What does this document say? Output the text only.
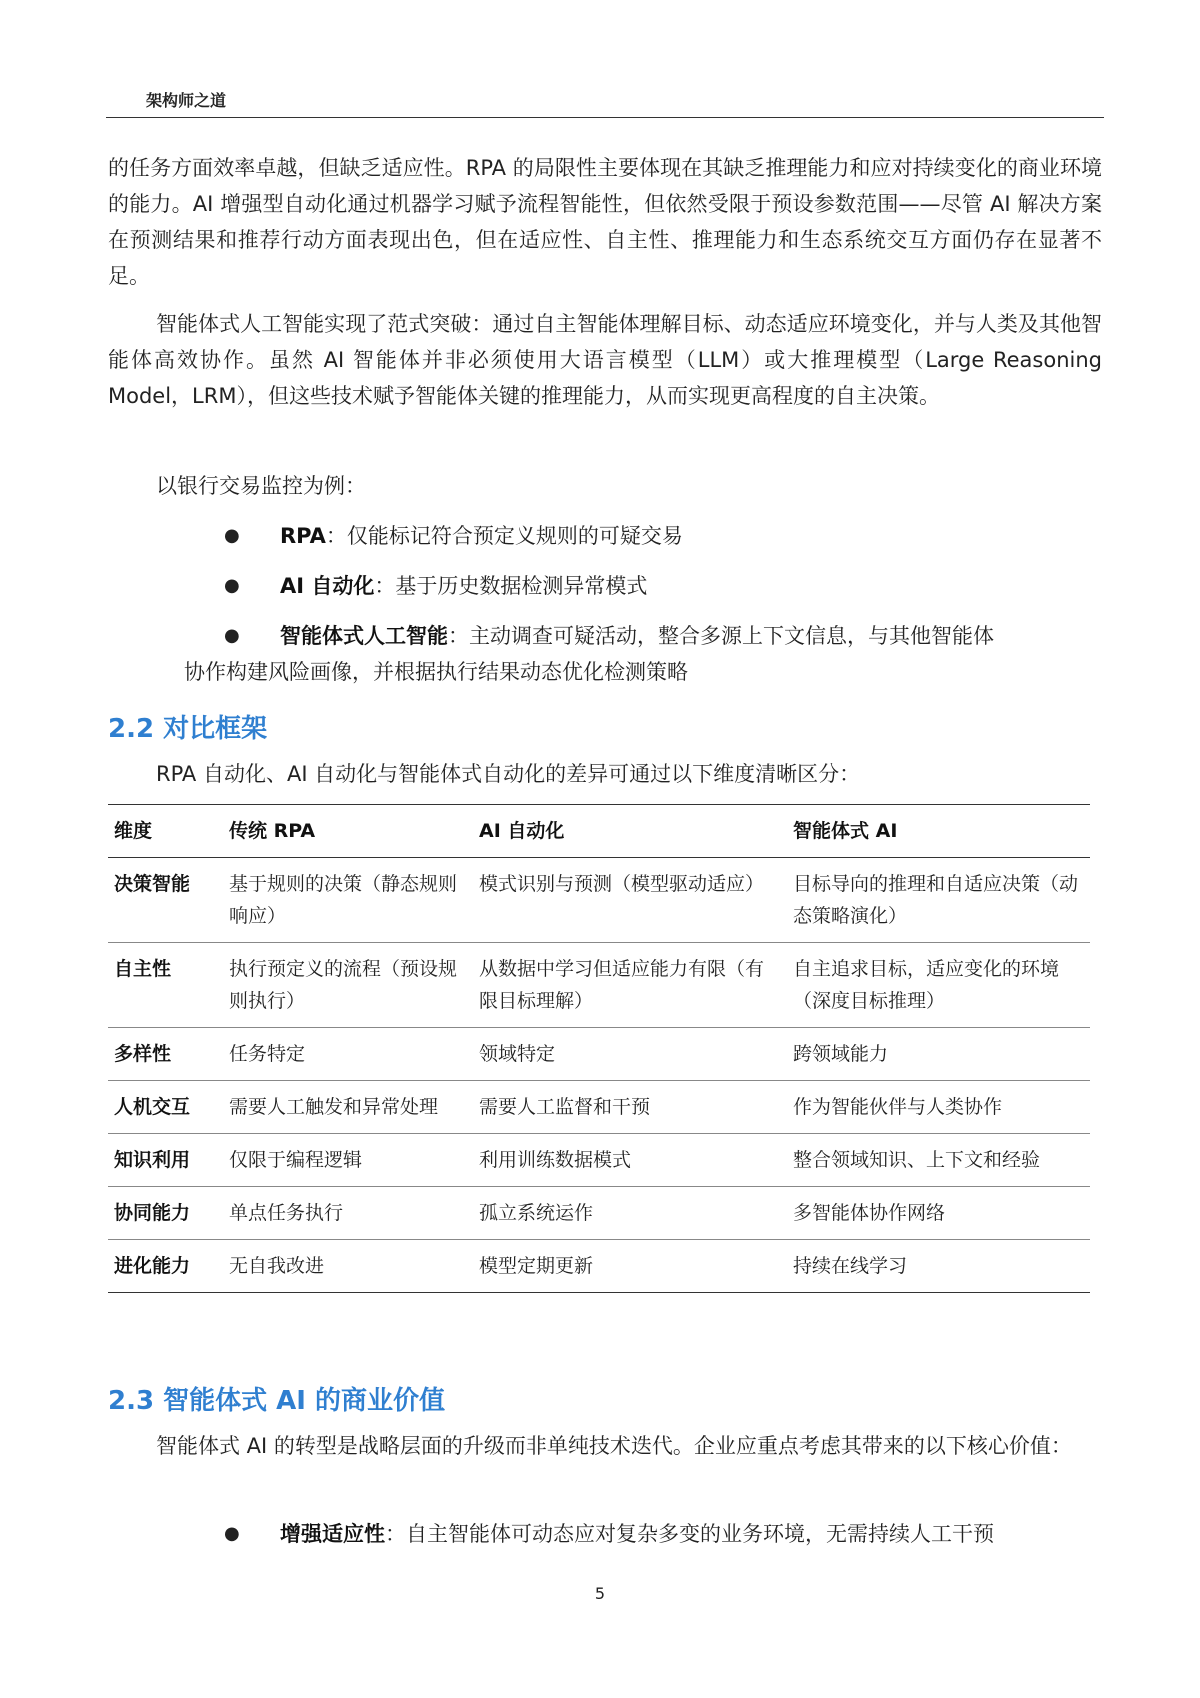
架构师之道

的任务方面效率卓越，但缺乏适应性。RPA 的局限性主要体现在其缺乏推理能力和应对持续变化的商业环境的能力。AI 增强型自动化通过机器学习赋予流程智能性，但依然受限于预设参数范围——尽管 AI 解决方案在预测结果和推荐行动方面表现出色，但在适应性、自主性、推理能力和生态系统交互方面仍存在显著不足。

智能体式人工智能实现了范式突破：通过自主智能体理解目标、动态适应环境变化，并与人类及其他智能体高效协作。虽然 AI 智能体并非必须使用大语言模型（LLM）或大推理模型（Large Reasoning Model，LRM），但这些技术赋予智能体关键的推理能力，从而实现更高程度的自主决策。

以银行交易监控为例：

● RPA：仅能标记符合预定义规则的可疑交易
● AI 自动化：基于历史数据检测异常模式
● 智能体式人工智能：主动调查可疑活动，整合多源上下文信息，与其他智能体
协作构建风险画像，并根据执行结果动态优化检测策略
2.2 对比框架

RPA 自动化、AI 自动化与智能体式自动化的差异可通过以下维度清晰区分：

维度	传统 RPA	AI 自动化	智能体式 AI
决策智能	基于规则的决策（静态规则响应）	模式识别与预测（模型驱动适应）	目标导向的推理和自适应决策（动态策略演化）
自主性	执行预定义的流程（预设规则执行）	从数据中学习但适应能力有限（有限目标理解）	自主追求目标，适应变化的环境（深度目标推理）
多样性	任务特定	领域特定	跨领域能力
人机交互	需要人工触发和异常处理	需要人工监督和干预	作为智能伙伴与人类协作
知识利用	仅限于编程逻辑	利用训练数据模式	整合领域知识、上下文和经验
协同能力	单点任务执行	孤立系统运作	多智能体协作网络
进化能力	无自我改进	模型定期更新	持续在线学习
2.3 智能体式 AI 的商业价值

智能体式 AI 的转型是战略层面的升级而非单纯技术迭代。企业应重点考虑其带来的以下核心价值：

● 增强适应性：自主智能体可动态应对复杂多变的业务环境，无需持续人工干预
5
